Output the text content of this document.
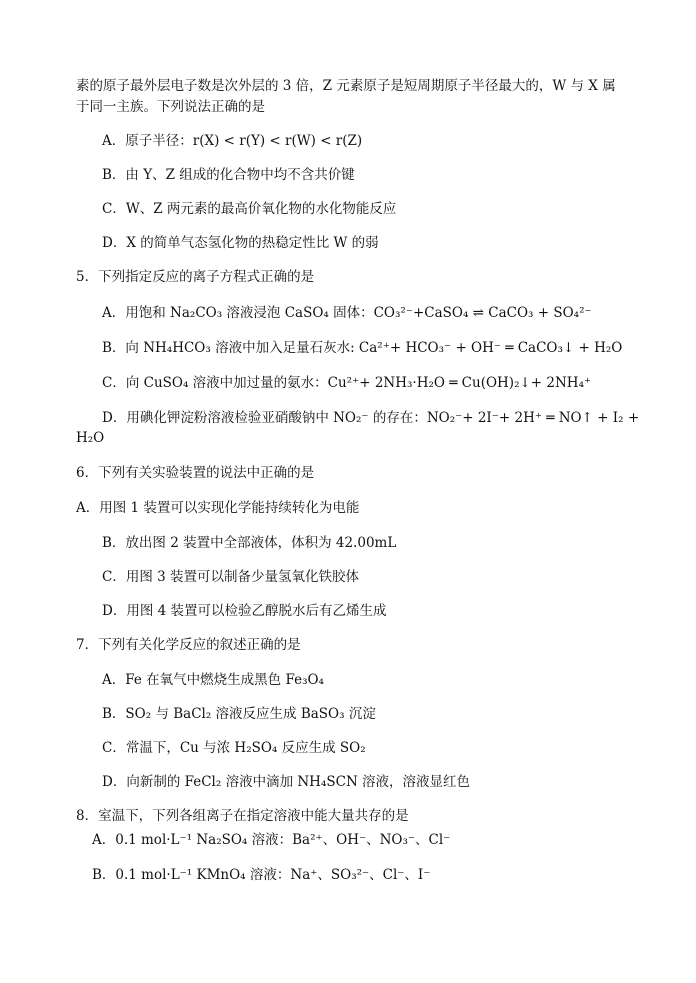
素的原子最外层电子数是次外层的 3 倍，Z 元素原子是短周期原子半径最大的，W 与 X 属
于同一主族。下列说法正确的是
A．原子半径：r(X) < r(Y) < r(W) < r(Z)
B．由 Y、Z 组成的化合物中均不含共价键
C．W、Z 两元素的最高价氧化物的水化物能反应
D．X 的简单气态氢化物的热稳定性比 W 的弱
5．下列指定反应的离子方程式正确的是
A．用饱和 Na₂CO₃ 溶液浸泡 CaSO₄ 固体：CO₃²⁻+CaSO₄ ⇌ CaCO₃ + SO₄²⁻
B．向 NH₄HCO₃ 溶液中加入足量石灰水: Ca²⁺+ HCO₃⁻ + OH⁻ ═ CaCO₃↓ + H₂O
C．向 CuSO₄ 溶液中加过量的氨水：Cu²⁺+ 2NH₃·H₂O ═ Cu(OH)₂↓+ 2NH₄⁺
D．用碘化钾淀粉溶液检验亚硝酸钠中 NO₂⁻ 的存在：NO₂⁻+ 2I⁻+ 2H⁺ ═ NO↑ + I₂ +
H₂O
6．下列有关实验装置的说法中正确的是
A．用图 1 装置可以实现化学能持续转化为电能
B．放出图 2 装置中全部液体，体积为 42.00mL
C．用图 3 装置可以制备少量氢氧化铁胶体
D．用图 4 装置可以检验乙醇脱水后有乙烯生成
7．下列有关化学反应的叙述正确的是
A．Fe 在氧气中燃烧生成黑色 Fe₃O₄
B．SO₂ 与 BaCl₂ 溶液反应生成 BaSO₃ 沉淀
C．常温下，Cu 与浓 H₂SO₄ 反应生成 SO₂
D．向新制的 FeCl₂ 溶液中滴加 NH₄SCN 溶液，溶液显红色
8．室温下，下列各组离子在指定溶液中能大量共存的是
A．0.1 mol·L⁻¹ Na₂SO₄ 溶液：Ba²⁺、OH⁻、NO₃⁻、Cl⁻
B．0.1 mol·L⁻¹ KMnO₄ 溶液：Na⁺、SO₃²⁻、Cl⁻、I⁻
